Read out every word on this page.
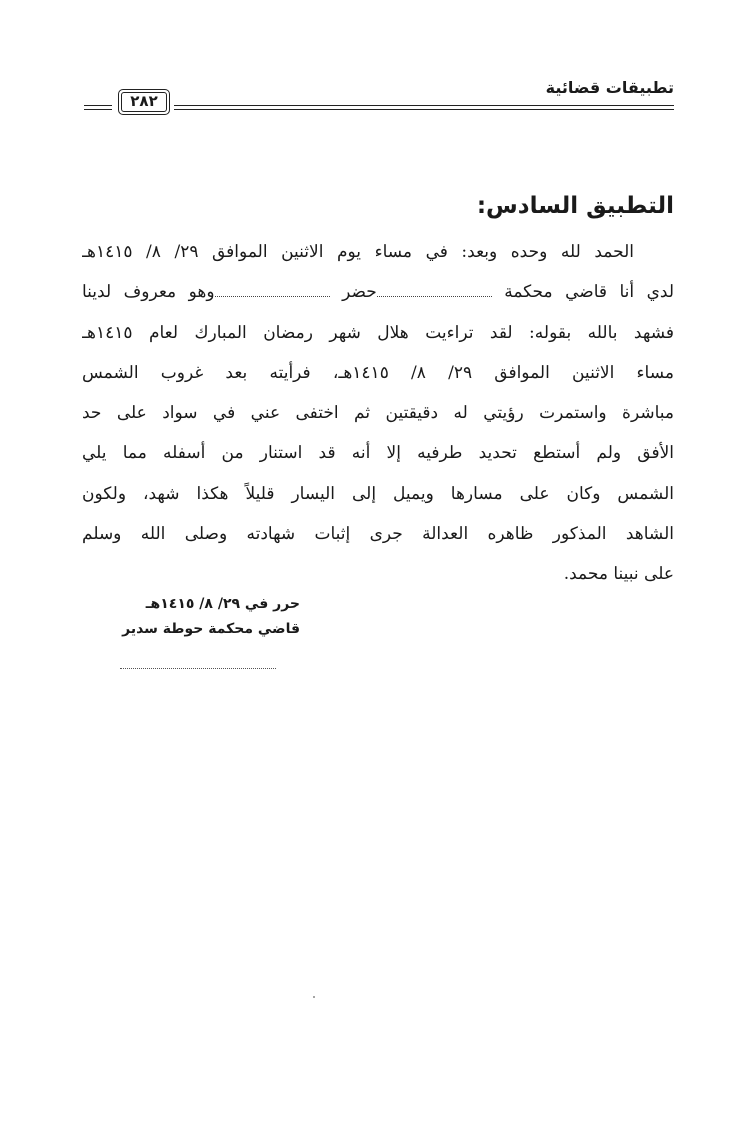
تطبيقات قضائية
٢٨٢
التطبيق السادس:
الحمد لله وحده وبعد: في مساء يوم الاثنين الموافق ٢٩/ ٨/ ١٤١٥هـ
لدي أنا قاضي محكمة حضر وهو معروف لدينا
فشهد بالله بقوله: لقد تراءيت هلال شهر رمضان المبارك لعام ١٤١٥هـ
مساء الاثنين الموافق ٢٩/ ٨/ ١٤١٥هـ، فرأيته بعد غروب الشمس
مباشرة واستمرت رؤيتي له دقيقتين ثم اختفى عني في سواد على حد
الأفق ولم أستطع تحديد طرفيه إلا أنه قد استنار من أسفله مما يلي
الشمس وكان على مسارها ويميل إلى اليسار قليلاً هكذا شهد، ولكون
الشاهد المذكور ظاهره العدالة جرى إثبات شهادته وصلى الله وسلم
على نبينا محمد.
حرر في ٢٩/ ٨/ ١٤١٥هـ
قاضي محكمة حوطة سدير
